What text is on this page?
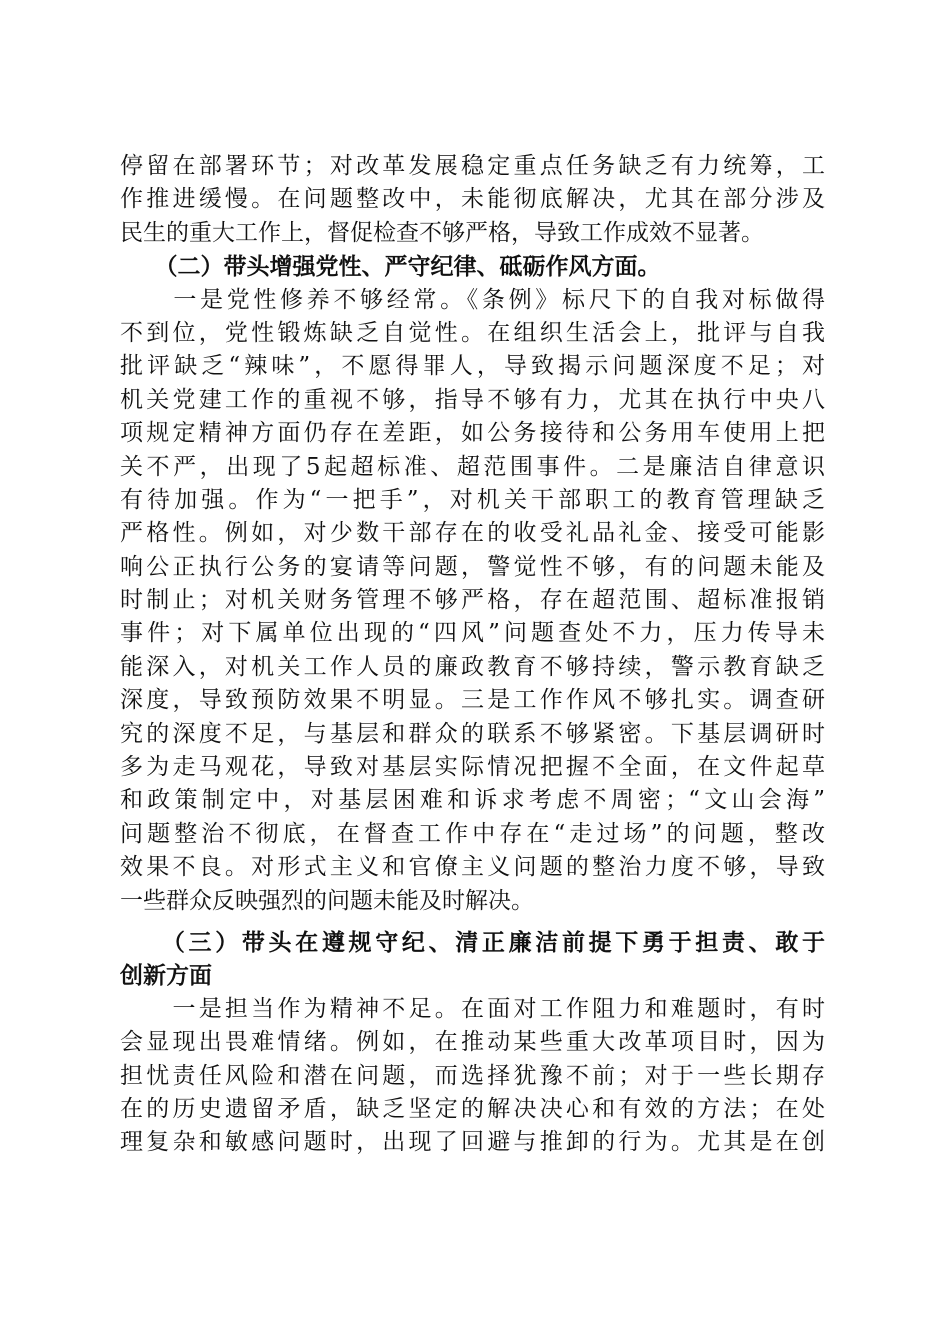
停留在部署环节；对改革发展稳定重点任务缺乏有力统筹，工
作推进缓慢。在问题整改中，未能彻底解决，尤其在部分涉及
民生的重大工作上，督促检查不够严格，导致工作成效不显著。
　　（二）带头增强党性、严守纪律、砥砺作风方面。
　　一是党性修养不够经常。《条例》标尺下的自我对标做得
不到位，党性锻炼缺乏自觉性。在组织生活会上，批评与自我
批评缺乏“辣味”，不愿得罪人，导致揭示问题深度不足；对
机关党建工作的重视不够，指导不够有力，尤其在执行中央八
项规定精神方面仍存在差距，如公务接待和公务用车使用上把
关不严，出现了5起超标准、超范围事件。二是廉洁自律意识
有待加强。作为“一把手”，对机关干部职工的教育管理缺乏
严格性。例如，对少数干部存在的收受礼品礼金、接受可能影
响公正执行公务的宴请等问题，警觉性不够，有的问题未能及
时制止；对机关财务管理不够严格，存在超范围、超标准报销
事件；对下属单位出现的“四风”问题查处不力，压力传导未
能深入，对机关工作人员的廉政教育不够持续，警示教育缺乏
深度，导致预防效果不明显。三是工作作风不够扎实。调查研
究的深度不足，与基层和群众的联系不够紧密。下基层调研时
多为走马观花，导致对基层实际情况把握不全面，在文件起草
和政策制定中，对基层困难和诉求考虑不周密；“文山会海”
问题整治不彻底，在督查工作中存在“走过场”的问题，整改
效果不良。对形式主义和官僚主义问题的整治力度不够，导致
一些群众反映强烈的问题未能及时解决。
　　（三）带头在遵规守纪、清正廉洁前提下勇于担责、敢于
创新方面
　　一是担当作为精神不足。在面对工作阻力和难题时，有时
会显现出畏难情绪。例如，在推动某些重大改革项目时，因为
担忧责任风险和潜在问题，而选择犹豫不前；对于一些长期存
在的历史遗留矛盾，缺乏坚定的解决决心和有效的方法；在处
理复杂和敏感问题时，出现了回避与推卸的行为。尤其是在创
